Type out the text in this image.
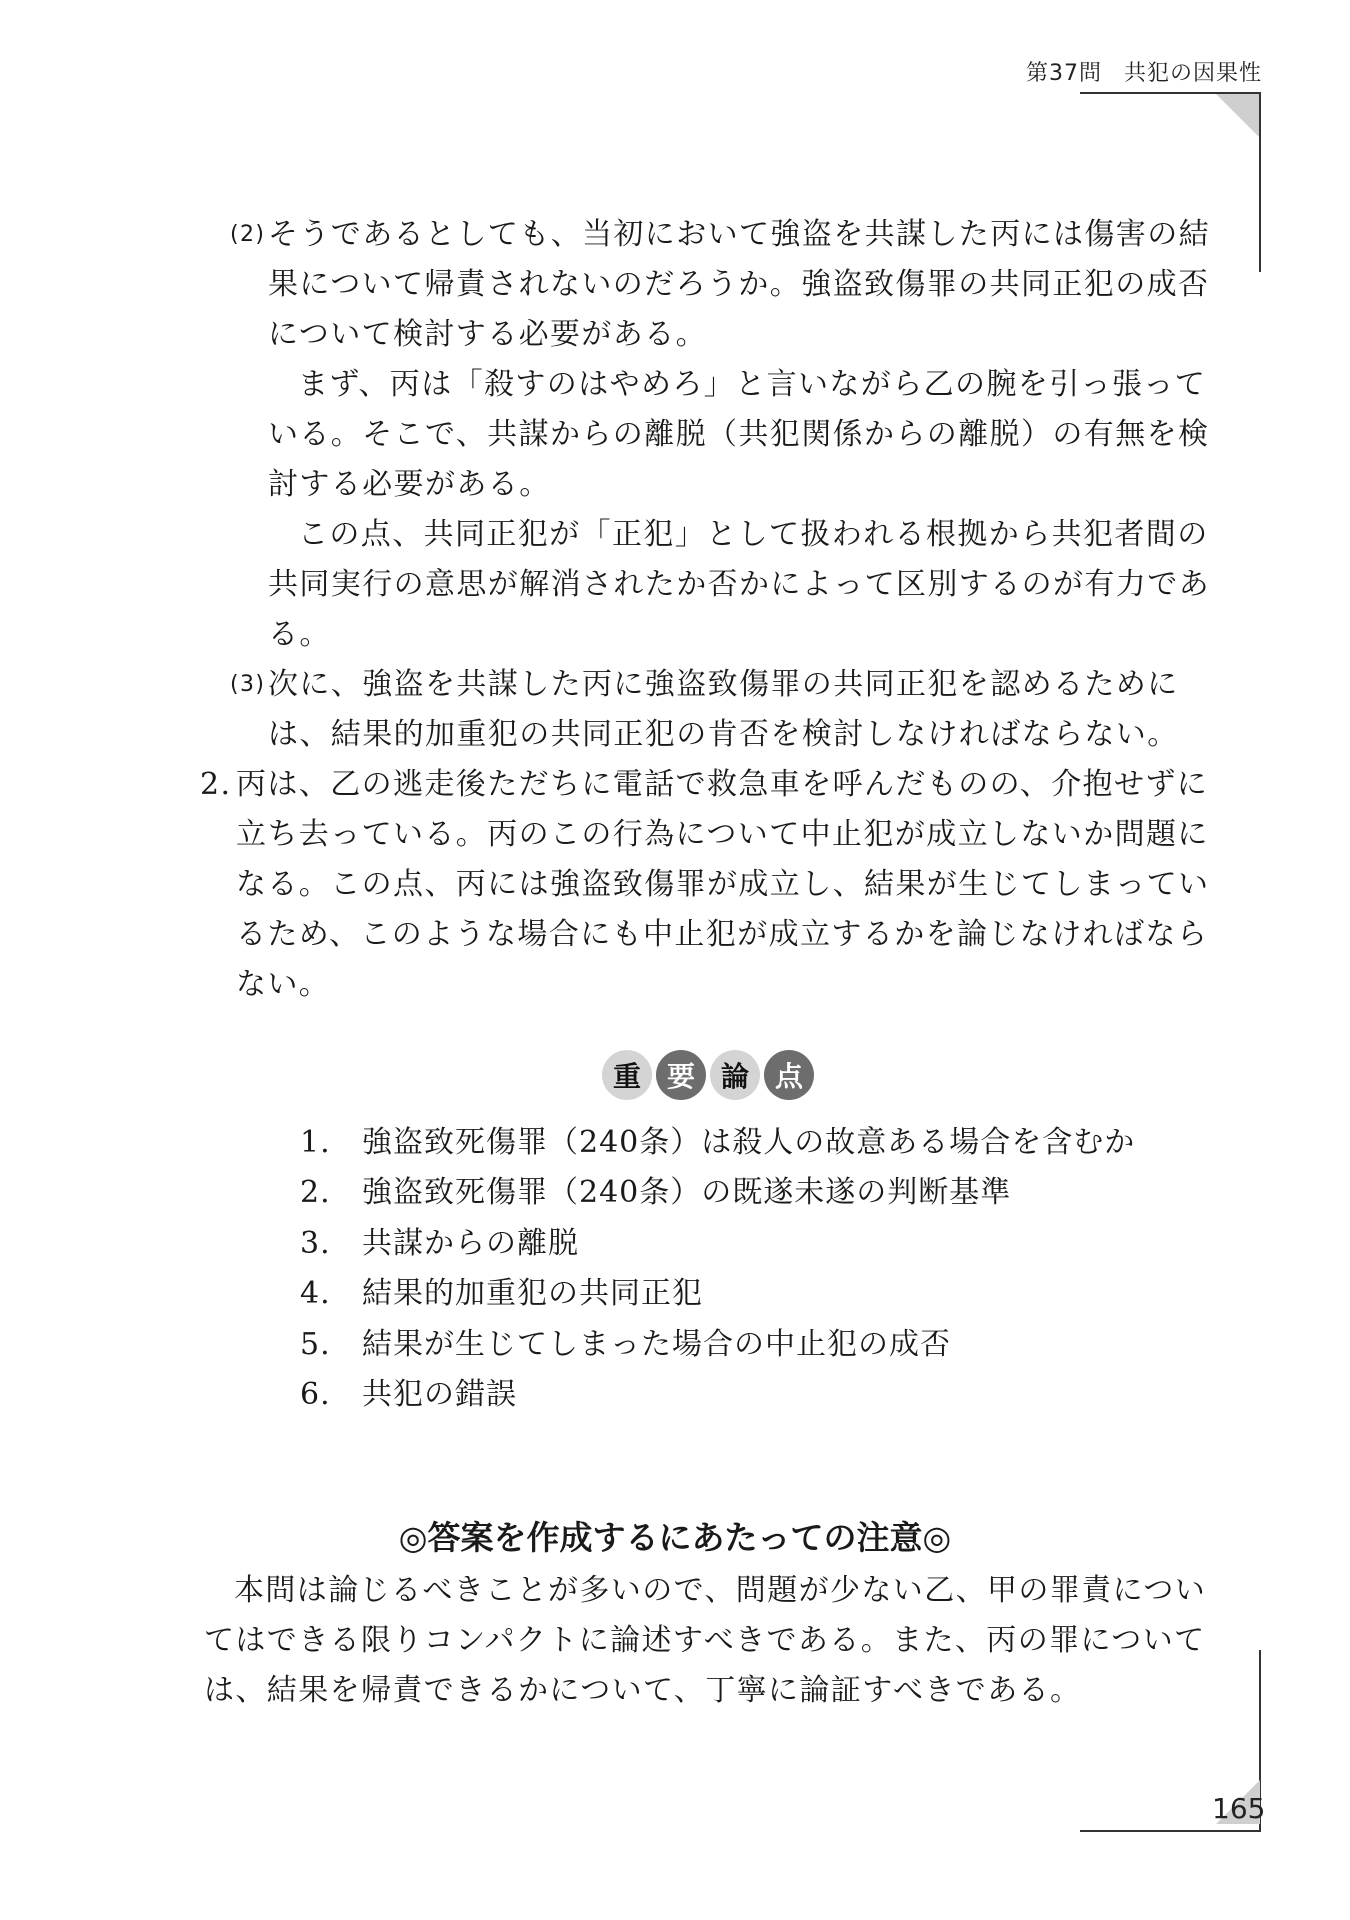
第37問 共犯の因果性
(2) そうであるとしても、当初において強盗を共謀した丙には傷害の結果について帰責されないのだろうか。強盗致傷罪の共同正犯の成否について検討する必要がある。

まず、丙は「殺すのはやめろ」と言いながら乙の腕を引っ張っている。そこで、共謀からの離脱（共犯関係からの離脱）の有無を検討する必要がある。

この点、共同正犯が「正犯」として扱われる根拠から共犯者間の共同実行の意思が解消されたか否かによって区別するのが有力である。

(3) 次に、強盗を共謀した丙に強盗致傷罪の共同正犯を認めるためには、結果的加重犯の共同正犯の肯否を検討しなければならない。
2. 丙は、乙の逃走後ただちに電話で救急車を呼んだものの、介抱せずに立ち去っている。丙のこの行為について中止犯が成立しないか問題になる。この点、丙には強盗致傷罪が成立し、結果が生じてしまっているため、このような場合にも中止犯が成立するかを論じなければならない。
重 要 論 点
1. 強盗致死傷罪（240条）は殺人の故意ある場合を含むか
2. 強盗致死傷罪（240条）の既遂未遂の判断基準
3. 共謀からの離脱
4. 結果的加重犯の共同正犯
5. 結果が生じてしまった場合の中止犯の成否
6. 共犯の錯誤
◎答案を作成するにあたっての注意◎

本問は論じるべきことが多いので、問題が少ない乙、甲の罪責についてはできる限りコンパクトに論述すべきである。また、丙の罪については、結果を帰責できるかについて、丁寧に論証すべきである。

165
